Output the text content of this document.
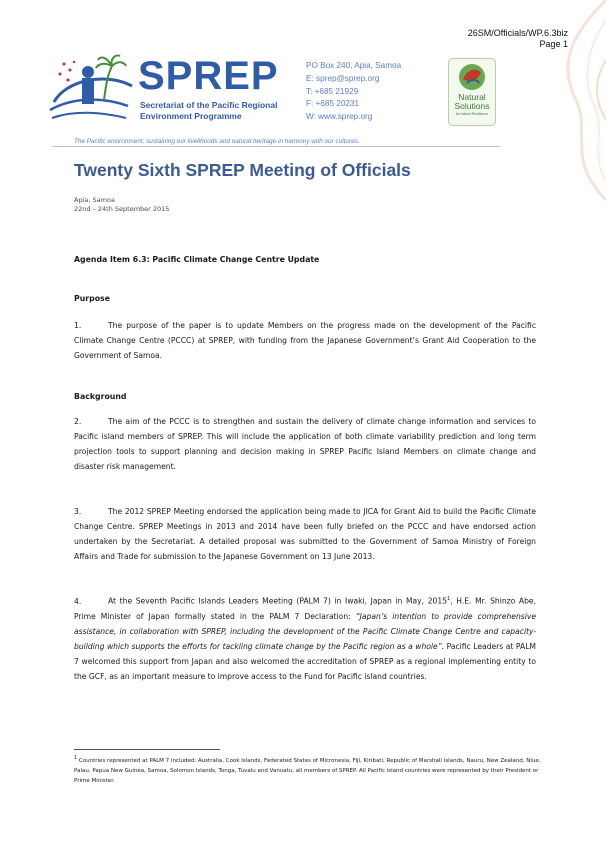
26SM/Officials/WP.6.3biz
Page 1
SPREP
Secretariat of the Pacific Regional
Environment Programme
PO Box 240, Apia, Samoa
E: sprep@sprep.org
T: +685 21929
F: +685 20231
W: www.sprep.org
Natural
Solutions
for Island Resilience
The Pacific environment, sustaining our livelihoods and natural heritage in harmony with our cultures.
Twenty Sixth SPREP Meeting of Officials
Apia, Samoa
22nd – 24th September 2015
Agenda Item 6.3: Pacific Climate Change Centre Update
Purpose
1.	The purpose of the paper is to update Members on the progress made on the development of the Pacific Climate Change Centre (PCCC) at SPREP, with funding from the Japanese Government’s Grant Aid Cooperation to the Government of Samoa.
Background
2.	The aim of the PCCC is to strengthen and sustain the delivery of climate change information and services to Pacific island members of SPREP. This will include the application of both climate variability prediction and long term projection tools to support planning and decision making in SPREP Pacific Island Members on climate change and disaster risk management.
3.	The 2012 SPREP Meeting endorsed the application being made to JICA for Grant Aid to build the Pacific Climate Change Centre. SPREP Meetings in 2013 and 2014 have been fully briefed on the PCCC and have endorsed action undertaken by the Secretariat. A detailed proposal was submitted to the Government of Samoa Ministry of Foreign Affairs and Trade for submission to the Japanese Government on 13 June 2013.
4.	At the Seventh Pacific Islands Leaders Meeting (PALM 7) in Iwaki, Japan in May, 2015$^1$, H.E. Mr. Shinzo Abe, Prime Minister of Japan formally stated in the PALM 7 Declaration: “Japan’s intention to provide comprehensive assistance, in collaboration with SPREP, including the development of the Pacific Climate Change Centre and capacity-building which supports the efforts for tackling climate change by the Pacific region as a whole”. Pacific Leaders at PALM 7 welcomed this support from Japan and also welcomed the accreditation of SPREP as a regional implementing entity to the GCF, as an important measure to improve access to the Fund for Pacific island countries.
$^1$ Countries represented at PALM 7 included: Australia, Cook Islands, Federated States of Micronesia, Fiji, Kiribati, Republic of Marshall Islands, Nauru, New Zealand, Niue, Palau, Papua New Guinea, Samoa, Solomon Islands, Tonga, Tuvalu and Vanuatu, all members of SPREP. All Pacific island countries were represented by their President or Prime Minister.
